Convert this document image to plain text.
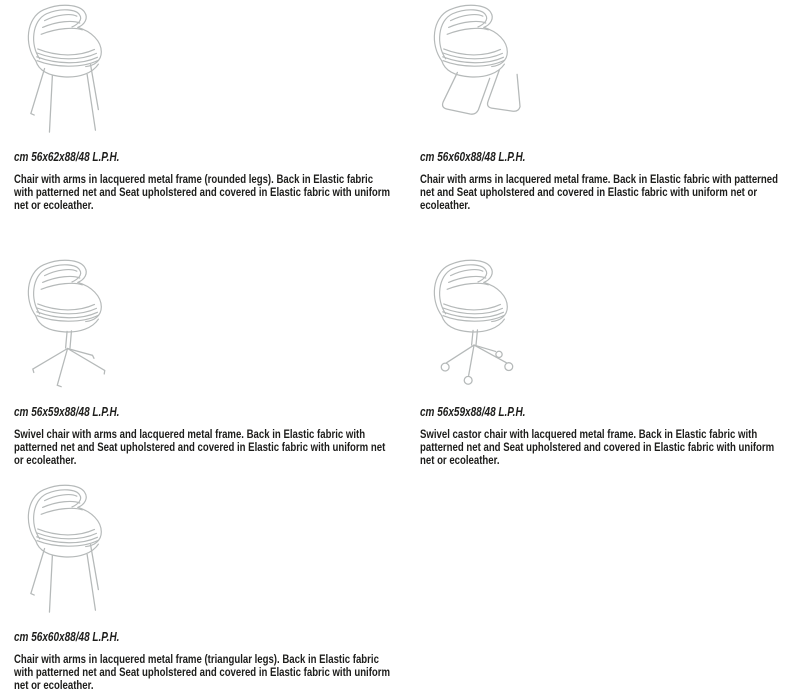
cm 56x62x88/48 L.P.H.

Chair with arms in lacquered metal frame (rounded legs). Back in Elastic fabric with patterned net and Seat upholstered and covered in Elastic fabric with uniform net or ecoleather.

cm 56x60x88/48 L.P.H.

Chair with arms in lacquered metal frame. Back in Elastic fabric with patterned net and Seat upholstered and covered in Elastic fabric with uniform net or ecoleather.

cm 56x59x88/48 L.P.H.

Swivel chair with arms and lacquered metal frame. Back in Elastic fabric with patterned net and Seat upholstered and covered in Elastic fabric with uniform net or ecoleather.

cm 56x59x88/48 L.P.H.

Swivel castor chair with lacquered metal frame. Back in Elastic fabric with patterned net and Seat upholstered and covered in Elastic fabric with uniform net or ecoleather.

cm 56x60x88/48 L.P.H.

Chair with arms in lacquered metal frame (triangular legs). Back in Elastic fabric with patterned net and Seat upholstered and covered in Elastic fabric with uniform net or ecoleather.
